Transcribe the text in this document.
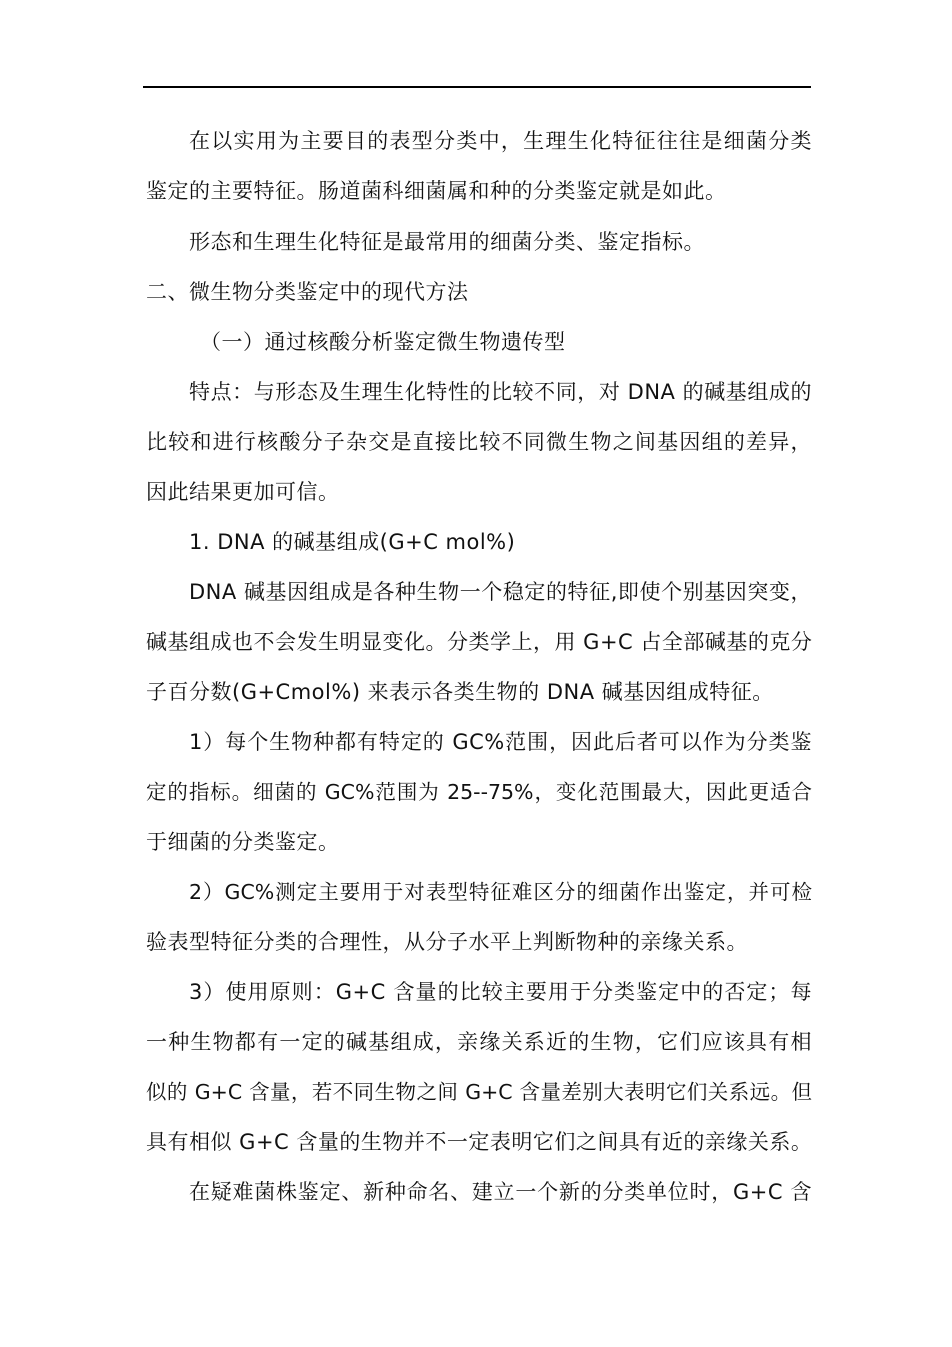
在以实用为主要目的表型分类中，生理生化特征往往是细菌分类
鉴定的主要特征。肠道菌科细菌属和种的分类鉴定就是如此。
形态和生理生化特征是最常用的细菌分类、鉴定指标。
二、微生物分类鉴定中的现代方法
（一）通过核酸分析鉴定微生物遗传型
特点：与形态及生理生化特性的比较不同，对 DNA 的碱基组成的
比较和进行核酸分子杂交是直接比较不同微生物之间基因组的差异，
因此结果更加可信。
1. DNA 的碱基组成(G+C mol%)
DNA 碱基因组成是各种生物一个稳定的特征,即使个别基因突变，
碱基组成也不会发生明显变化。分类学上，用 G+C 占全部碱基的克分
子百分数(G+Cmol%) 来表示各类生物的 DNA 碱基因组成特征。
1）每个生物种都有特定的 GC%范围，因此后者可以作为分类鉴
定的指标。细菌的 GC%范围为 25--75%，变化范围最大，因此更适合
于细菌的分类鉴定。
2）GC%测定主要用于对表型特征难区分的细菌作出鉴定，并可检
验表型特征分类的合理性，从分子水平上判断物种的亲缘关系。
3）使用原则：G+C 含量的比较主要用于分类鉴定中的否定；每
一种生物都有一定的碱基组成，亲缘关系近的生物，它们应该具有相
似的 G+C 含量，若不同生物之间 G+C 含量差别大表明它们关系远。但
具有相似 G+C 含量的生物并不一定表明它们之间具有近的亲缘关系。
在疑难菌株鉴定、新种命名、建立一个新的分类单位时，G+C 含
